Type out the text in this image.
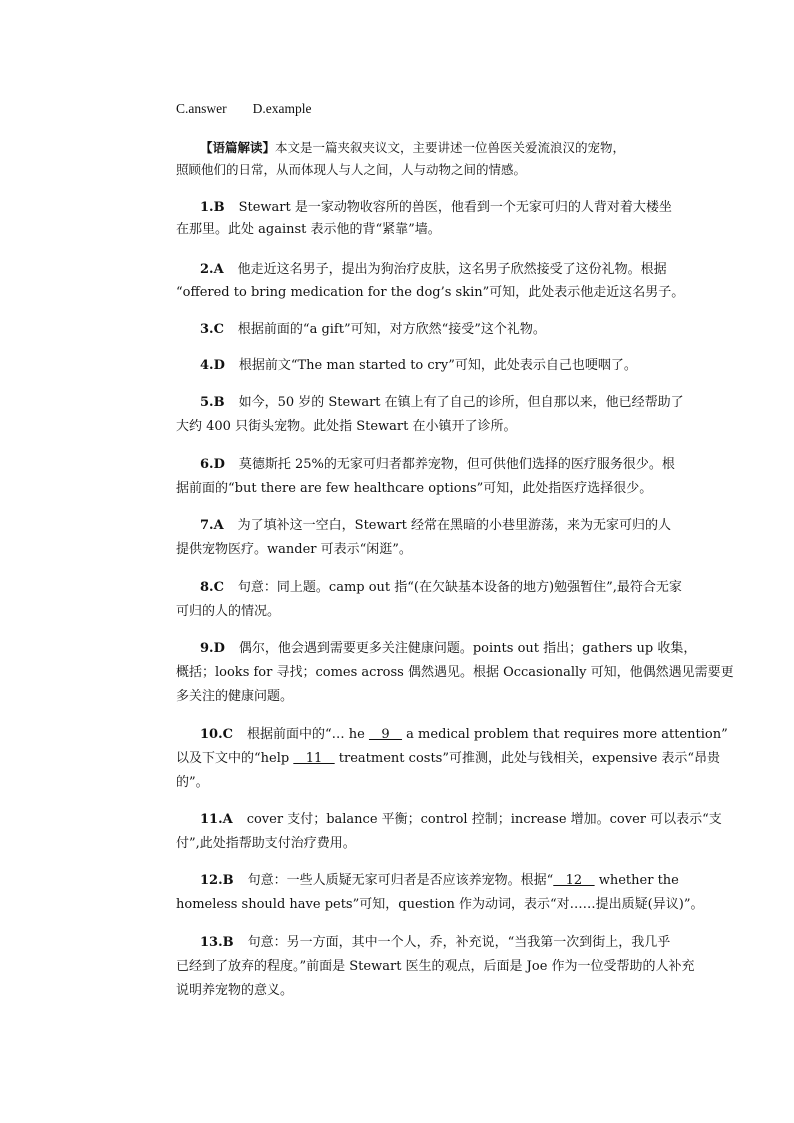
C.answer D.example
【语篇解读】本文是一篇夹叙夹议文，主要讲述一位兽医关爱流浪汉的宠物，
照顾他们的日常，从而体现人与人之间，人与动物之间的情感。
1.B Stewart 是一家动物收容所的兽医，他看到一个无家可归的人背对着大楼坐
在那里。此处 against 表示他的背“紧靠”墙。
2.A 他走近这名男子，提出为狗治疗皮肤，这名男子欣然接受了这份礼物。根据
“offered to bring medication for the dog’s skin”可知，此处表示他走近这名男子。
3.C 根据前面的“a gift”可知，对方欣然“接受”这个礼物。
4.D 根据前文“The man started to cry”可知，此处表示自己也哽咽了。
5.B 如今，50 岁的 Stewart 在镇上有了自己的诊所，但自那以来，他已经帮助了
大约 400 只街头宠物。此处指 Stewart 在小镇开了诊所。
6.D 莫德斯托 25%的无家可归者都养宠物，但可供他们选择的医疗服务很少。根
据前面的“but there are few healthcare options”可知，此处指医疗选择很少。
7.A 为了填补这一空白，Stewart 经常在黑暗的小巷里游荡，来为无家可归的人
提供宠物医疗。wander 可表示“闲逛”。
8.C 句意：同上题。camp out 指“(在欠缺基本设备的地方)勉强暂住”,最符合无家
可归的人的情况。
9.D 偶尔，他会遇到需要更多关注健康问题。points out 指出；gathers up 收集，
概括；looks for 寻找；comes across 偶然遇见。根据 Occasionally 可知，他偶然遇见需要更
多关注的健康问题。
10.C 根据前面中的“… he    9    a medical problem that requires more attention”
以及下文中的“help    11    treatment costs”可推测，此处与钱相关，expensive 表示“昂贵
的”。
11.A cover 支付；balance 平衡；control 控制；increase 增加。cover 可以表示“支
付”,此处指帮助支付治疗费用。
12.B 句意：一些人质疑无家可归者是否应该养宠物。根据“   12    whether the
homeless should have pets”可知，question 作为动词，表示“对……提出质疑(异议)”。
13.B 句意：另一方面，其中一个人，乔，补充说，“当我第一次到街上，我几乎
已经到了放弃的程度。”前面是 Stewart 医生的观点，后面是 Joe 作为一位受帮助的人补充
说明养宠物的意义。
